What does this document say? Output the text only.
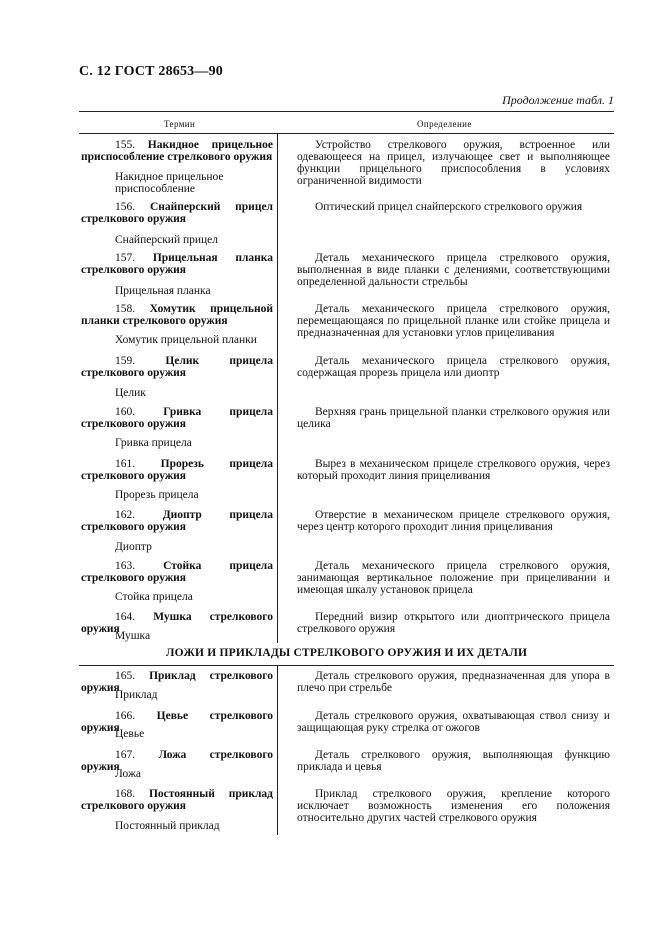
С. 12 ГОСТ 28653—90
Продолжение табл. 1
Термин	Определение
155. Накидное прицельное приспособление стрелкового оружия
Накидное прицельное приспособление
Устройство стрелкового оружия, встроенное или одевающееся на прицел, излучающее свет и выполняющее функции прицельного приспособления в условиях ограниченной видимости
156. Снайперский прицел стрелкового оружия
Снайперский прицел
Оптический прицел снайперского стрелкового оружия
157. Прицельная планка стрелкового оружия
Прицельная планка
Деталь механического прицела стрелкового оружия, выполненная в виде планки с делениями, соответствующими определенной дальности стрельбы
158. Хомутик прицельной планки стрелкового оружия
Хомутик прицельной планки
Деталь механического прицела стрелкового оружия, перемещающаяся по прицельной планке или стойке прицела и предназначенная для установки углов прицеливания
159.	Целик прицела стрелкового оружия
Целик
Деталь механического прицела стрелкового оружия, содержащая прорезь прицела или диоптр
160. Гривка прицела стрелкового оружия
Гривка прицела
Верхняя грань прицельной планки стрелкового оружия или целика
161. Прорезь прицела стрелкового оружия
Прорезь прицела
Вырез в механическом прицеле стрелкового оружия, через который проходит линия прицеливания
162. Диоптр прицела стрелкового оружия
Диоптр
Отверстие в механическом прицеле стрелкового оружия, через центр которого проходит линия прицеливания
163. Стойка прицела стрелкового оружия
Стойка прицела
Деталь механического прицела стрелкового оружия, занимающая вертикальное положение при прицеливании и имеющая шкалу установок прицела
164. Мушка стрелкового оружия
Мушка
Передний визир открытого или диоптрического прицела стрелкового оружия
ЛОЖИ И ПРИКЛАДЫ СТРЕЛКОВОГО ОРУЖИЯ И ИХ ДЕТАЛИ
165. Приклад стрелкового оружия
Приклад
Деталь стрелкового оружия, предназначенная для упора в плечо при стрельбе
166. Цевье стрелкового оружия
Цевье
Деталь стрелкового оружия, охватывающая ствол снизу и защищающая руку стрелка от ожогов
167. Ложа стрелкового оружия
Ложа
Деталь стрелкового оружия, выполняющая функцию приклада и цевья
168. Постоянный приклад стрелкового оружия
Постоянный приклад
Приклад стрелкового оружия, крепление которого исключает возможность изменения его положения относительно других частей стрелкового оружия
